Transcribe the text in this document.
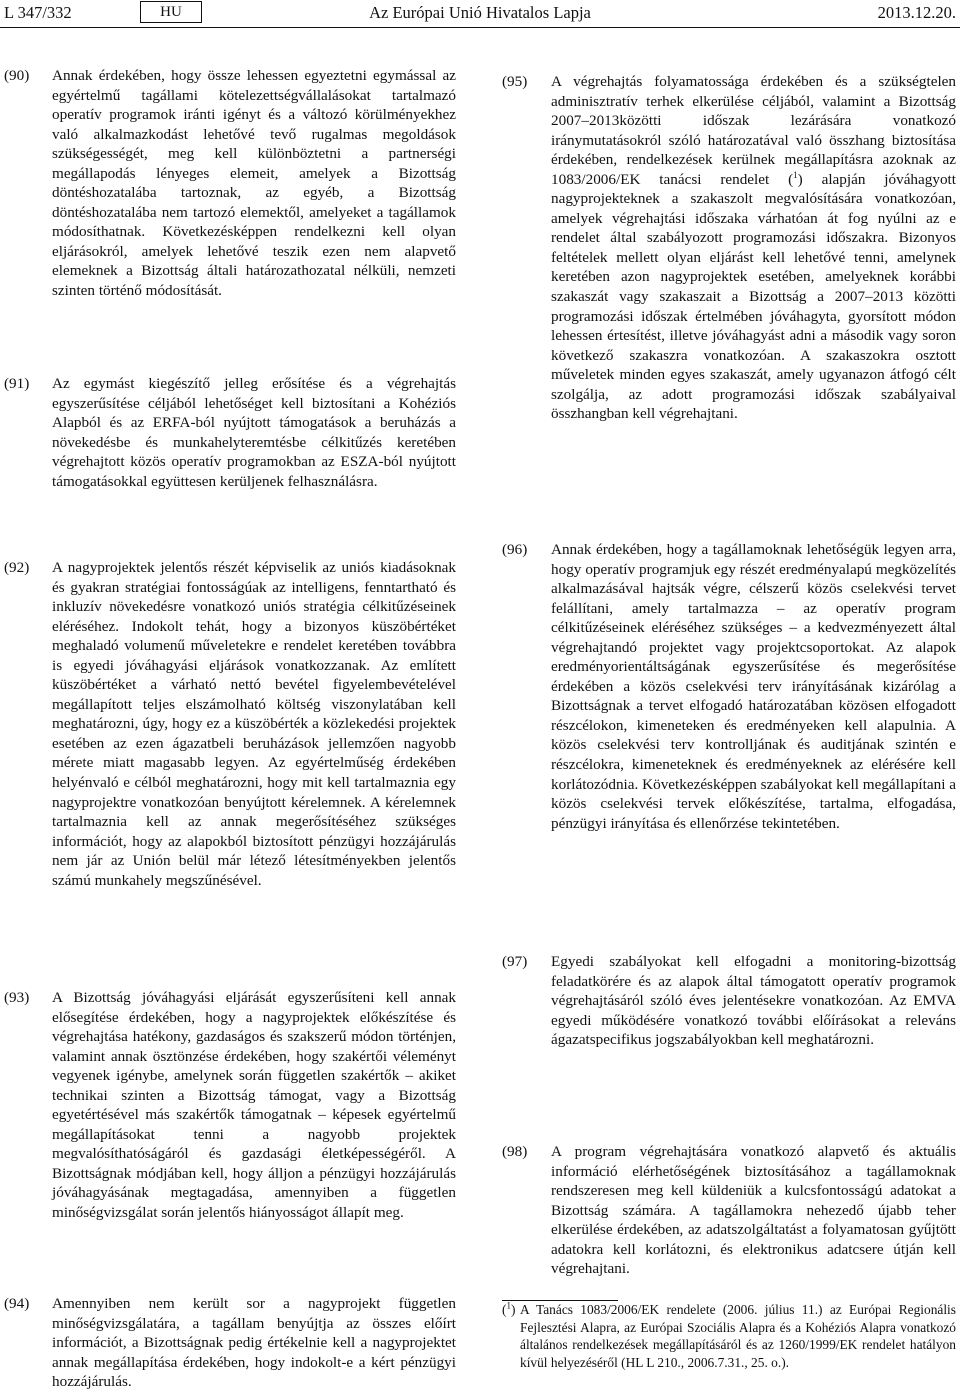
L 347/332	HU	Az Európai Unió Hivatalos Lapja	2013.12.20.
(90) Annak érdekében, hogy össze lehessen egyeztetni egymással az egyértelmű tagállami kötelezettségvállalásokat tartalmazó operatív programok iránti igényt és a változó körülményekhez való alkalmazkodást lehetővé tevő rugalmas megoldások szükségességét, meg kell különböztetni a partnerségi megállapodás lényeges elemeit, amelyek a Bizottság döntéshozatalába tartoznak, az egyéb, a Bizottság döntéshozatalába nem tartozó elemektől, amelyeket a tagállamok módosíthatnak. Következésképpen rendelkezni kell olyan eljárásokról, amelyek lehetővé teszik ezen nem alapvető elemeknek a Bizottság általi határozathozatal nélküli, nemzeti szinten történő módosítását.
(91) Az egymást kiegészítő jelleg erősítése és a végrehajtás egyszerűsítése céljából lehetőséget kell biztosítani a Kohéziós Alapból és az ERFA-ból nyújtott támogatások a beruházás a növekedésbe és munkahelyteremtésbe célkitűzés keretében végrehajtott közös operatív programokban az ESZA-ból nyújtott támogatásokkal együttesen kerüljenek felhasználásra.
(92) A nagyprojektek jelentős részét képviselik az uniós kiadásoknak és gyakran stratégiai fontosságúak az intelligens, fenntartható és inkluzív növekedésre vonatkozó uniós stratégia célkitűzéseinek eléréséhez. Indokolt tehát, hogy a bizonyos küszöbértéket meghaladó volumenű műveletekre e rendelet keretében továbbra is egyedi jóváhagyási eljárások vonatkozzanak. Az említett küszöbértéket a várható nettó bevétel figyelembevételével megállapított teljes elszámolható költség viszonylatában kell meghatározni, úgy, hogy ez a küszöbérték a közlekedési projektek esetében az ezen ágazatbeli beruházások jellemzően nagyobb mérete miatt magasabb legyen. Az egyértelműség érdekében helyénvaló e célból meghatározni, hogy mit kell tartalmaznia egy nagyprojektre vonatkozóan benyújtott kérelemnek. A kérelemnek tartalmaznia kell az annak megerősítéséhez szükséges információt, hogy az alapokból biztosított pénzügyi hozzájárulás nem jár az Unión belül már létező létesítményekben jelentős számú munkahely megszűnésével.
(93) A Bizottság jóváhagyási eljárását egyszerűsíteni kell annak elősegítése érdekében, hogy a nagyprojektek előkészítése és végrehajtása hatékony, gazdaságos és szakszerű módon történjen, valamint annak ösztönzése érdekében, hogy szakértői véleményt vegyenek igénybe, amelynek során független szakértők – akiket technikai szinten a Bizottság támogat, vagy a Bizottság egyetértésével más szakértők támogatnak – képesek egyértelmű megállapításokat tenni a nagyobb projektek megvalósíthatóságáról és gazdasági életképességéről. A Bizottságnak módjában kell, hogy álljon a pénzügyi hozzájárulás jóváhagyásának megtagadása, amennyiben a független minőségvizsgálat során jelentős hiányosságot állapít meg.
(94) Amennyiben nem került sor a nagyprojekt független minőségvizsgálatára, a tagállam benyújtja az összes előírt információt, a Bizottságnak pedig értékelnie kell a nagyprojektet annak megállapítása érdekében, hogy indokolt-e a kért pénzügyi hozzájárulás.
(95) A végrehajtás folyamatossága érdekében és a szükségtelen adminisztratív terhek elkerülése céljából, valamint a Bizottság 2007–2013közötti időszak lezárására vonatkozó iránymutatásokról szóló határozatával való összhang biztosítása érdekében, rendelkezések kerülnek megállapításra azoknak az 1083/2006/EK tanácsi rendelet ($^1$) alapján jóváhagyott nagyprojekteknek a szakaszolt megvalósítására vonatkozóan, amelyek végrehajtási időszaka várhatóan át fog nyúlni az e rendelet által szabályozott programozási időszakra. Bizonyos feltételek mellett olyan eljárást kell lehetővé tenni, amelynek keretében azon nagyprojektek esetében, amelyeknek korábbi szakaszát vagy szakaszait a Bizottság a 2007–2013 közötti programozási időszak értelmében jóváhagyta, gyorsított módon lehessen értesítést, illetve jóváhagyást adni a második vagy soron következő szakaszra vonatkozóan. A szakaszokra osztott műveletek minden egyes szakaszát, amely ugyanazon átfogó célt szolgálja, az adott programozási időszak szabályaival összhangban kell végrehajtani.
(96) Annak érdekében, hogy a tagállamoknak lehetőségük legyen arra, hogy operatív programjuk egy részét eredményalapú megközelítés alkalmazásával hajtsák végre, célszerű közös cselekvési tervet felállítani, amely tartalmazza – az operatív program célkitűzéseinek eléréséhez szükséges – a kedvezményezett által végrehajtandó projektet vagy projektcsoportokat. Az alapok eredményorientáltságának egyszerűsítése és megerősítése érdekében a közös cselekvési terv irányításának kizárólag a Bizottságnak a tervet elfogadó határozatában közösen elfogadott részcélokon, kimeneteken és eredményeken kell alapulnia. A közös cselekvési terv kontrolljának és auditjának szintén e részcélokra, kimeneteknek és eredményeknek az elérésére kell korlátozódnia. Következésképpen szabályokat kell megállapítani a közös cselekvési tervek előkészítése, tartalma, elfogadása, pénzügyi irányítása és ellenőrzése tekintetében.
(97) Egyedi szabályokat kell elfogadni a monitoring-bizottság feladatkörére és az alapok által támogatott operatív programok végrehajtásáról szóló éves jelentésekre vonatkozóan. Az EMVA egyedi működésére vonatkozó további előírásokat a releváns ágazatspecifikus jogszabályokban kell meghatározni.
(98) A program végrehajtására vonatkozó alapvető és aktuális információ elérhetőségének biztosításához a tagállamoknak rendszeresen meg kell küldeniük a kulcsfontosságú adatokat a Bizottság számára. A tagállamokra nehezedő újabb teher elkerülése érdekében, az adatszolgáltatást a folyamatosan gyűjtött adatokra kell korlátozni, és elektronikus adatcsere útján kell végrehajtani.
($^1$) A Tanács 1083/2006/EK rendelete (2006. július 11.) az Európai Regionális Fejlesztési Alapra, az Európai Szociális Alapra és a Kohéziós Alapra vonatkozó általános rendelkezések megállapításáról és az 1260/1999/EK rendelet hatályon kívül helyezéséről (HL L 210., 2006.7.31., 25. o.).
